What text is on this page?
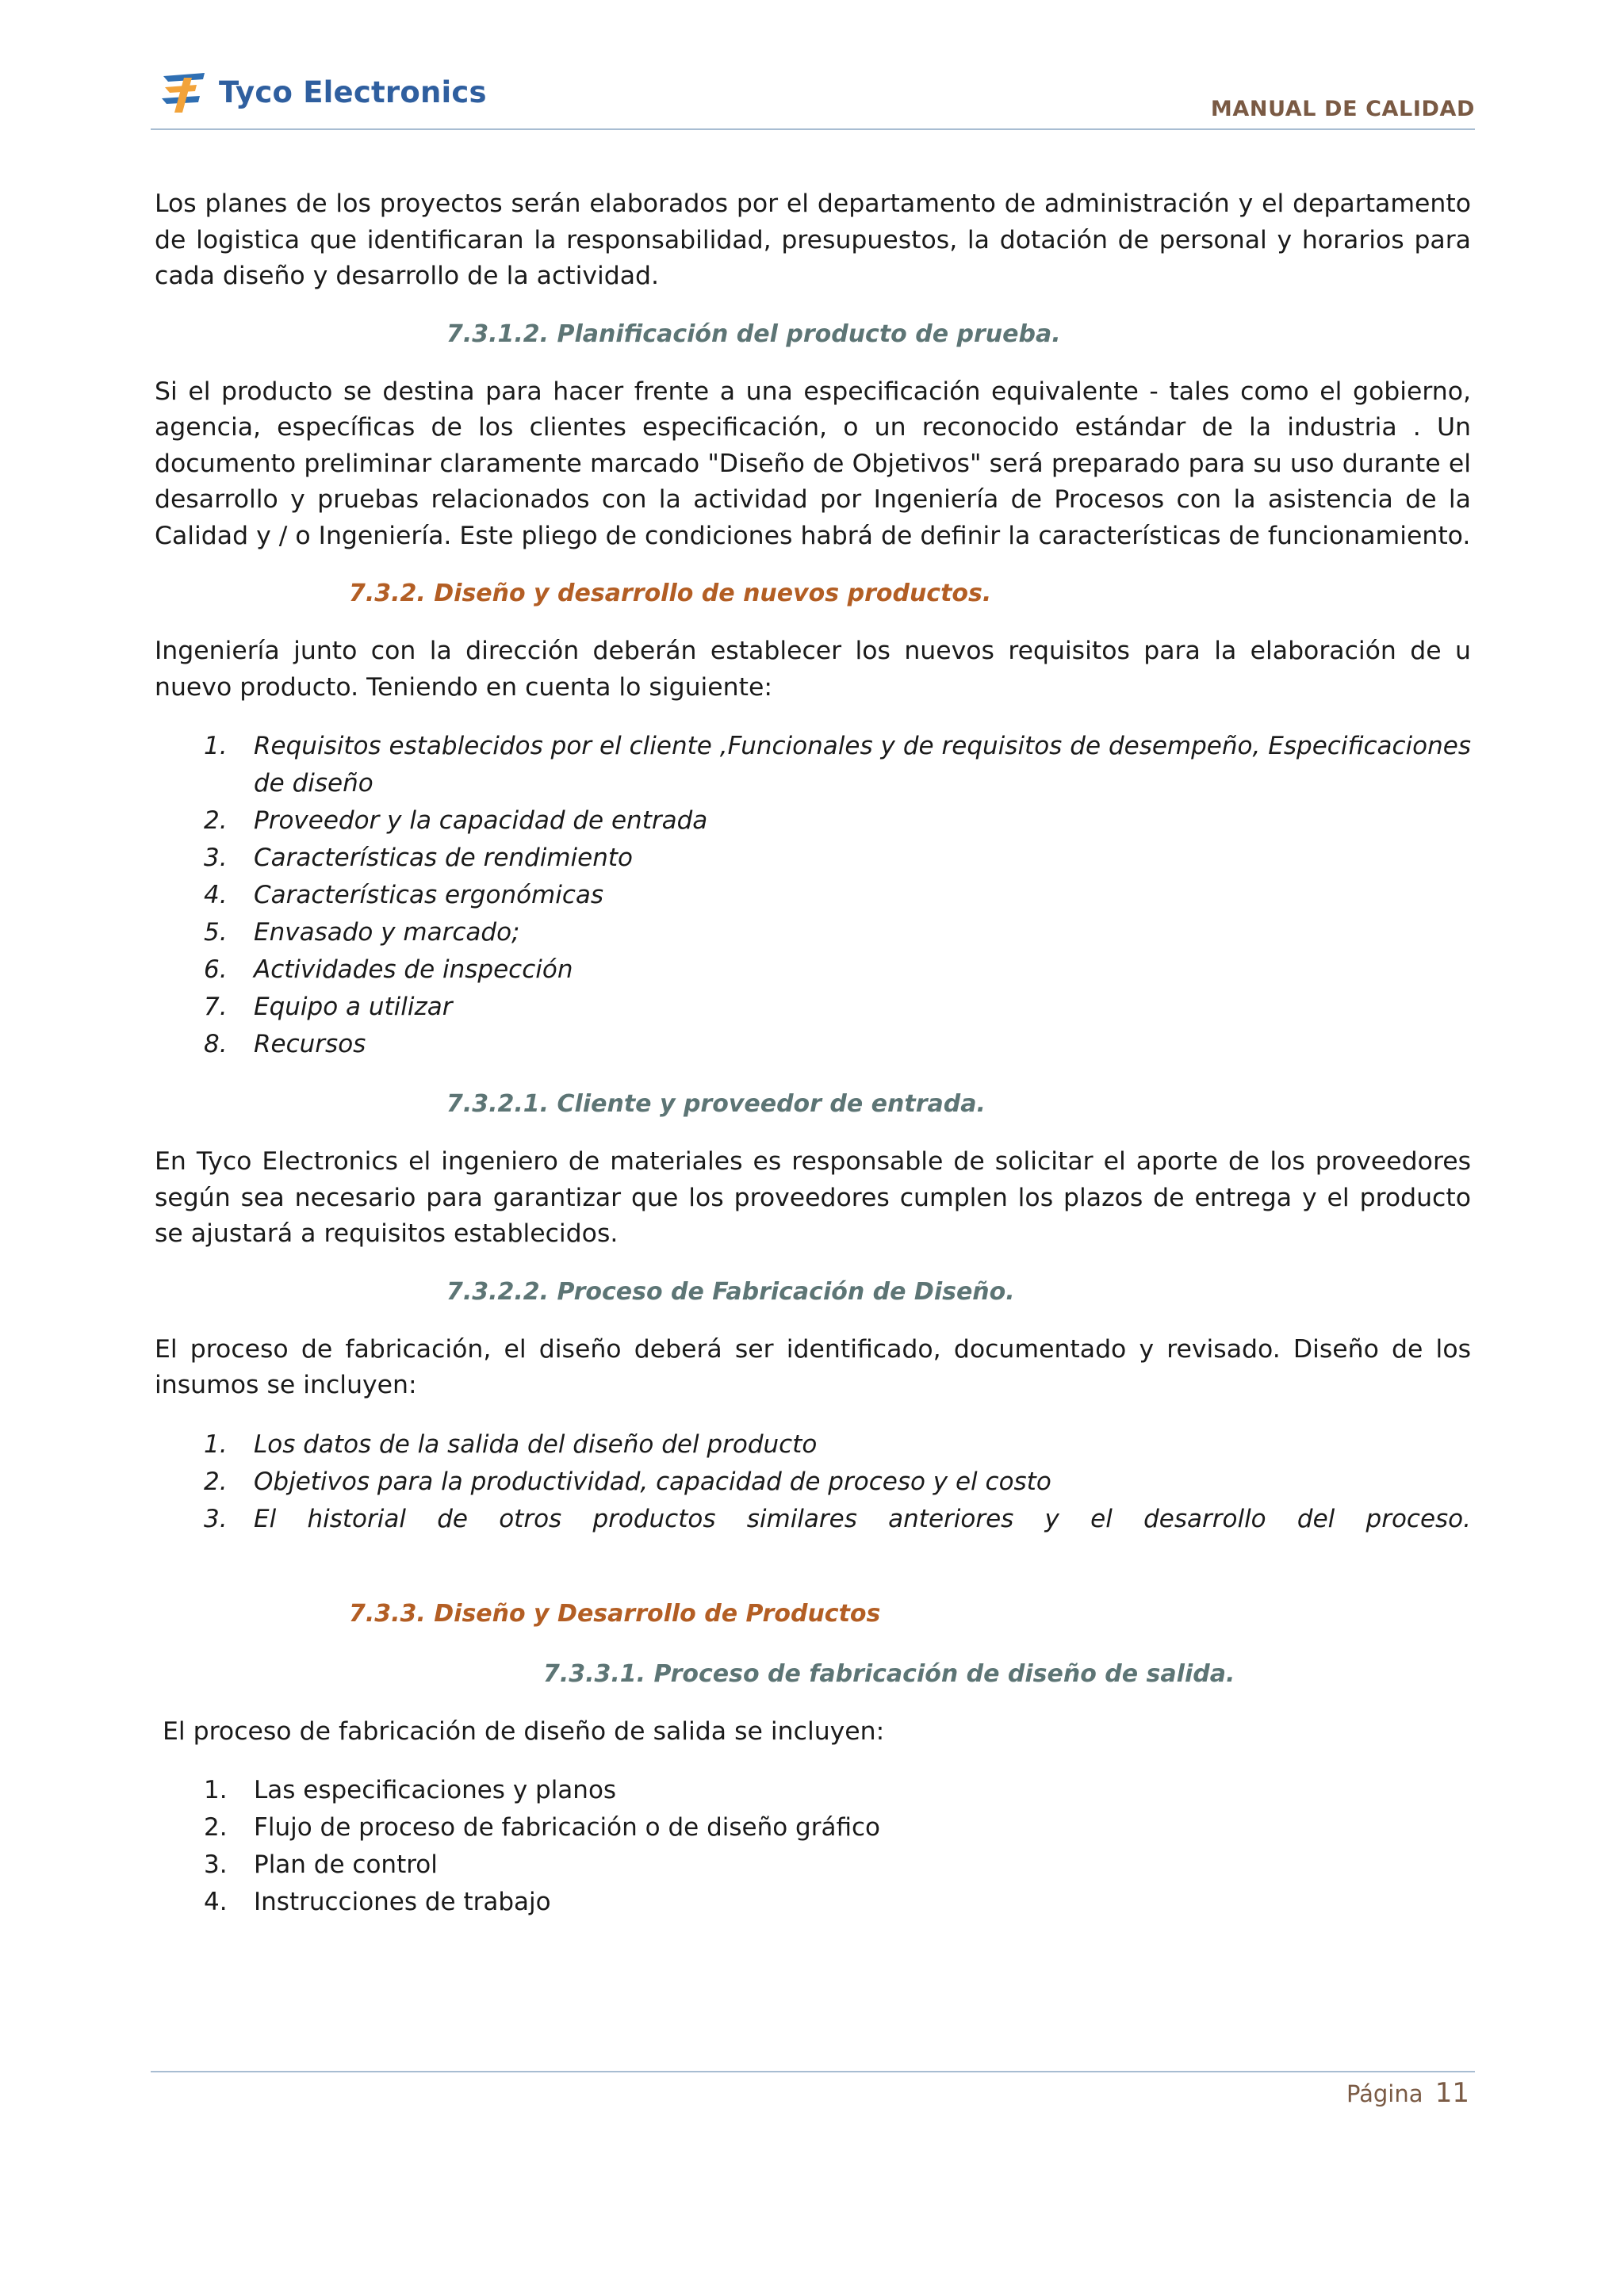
Tyco Electronics	MANUAL DE CALIDAD

Los planes de los proyectos serán elaborados por el departamento de administración y el departamento de logistica que identificaran la responsabilidad, presupuestos, la dotación de personal y horarios para cada diseño y desarrollo de la actividad.

7.3.1.2. Planificación del producto de prueba.

Si el producto se destina para hacer frente a una especificación equivalente - tales como el gobierno, agencia, específicas de los clientes especificación, o un reconocido estándar de la industria . Un documento preliminar claramente marcado "Diseño de Objetivos" será preparado para su uso durante el desarrollo y pruebas relacionados con la actividad por Ingeniería de Procesos con la asistencia de la Calidad y / o Ingeniería. Este pliego de condiciones habrá de definir la características de funcionamiento.

7.3.2. Diseño y desarrollo de nuevos productos.

Ingeniería junto con la dirección deberán establecer los nuevos requisitos para la elaboración de u nuevo producto. Teniendo en cuenta lo siguiente:

1.	Requisitos establecidos por el cliente ,Funcionales y de requisitos de desempeño, Especificaciones de diseño
2.	Proveedor y la capacidad de entrada
3.	Características de rendimiento
4.	Características ergonómicas
5.	Envasado y marcado;
6.	Actividades de inspección
7.	Equipo a utilizar
8.	Recursos
7.3.2.1. Cliente y proveedor de entrada.

En Tyco Electronics el ingeniero de materiales es responsable de solicitar el aporte de los proveedores según sea necesario para garantizar que los proveedores cumplen los plazos de entrega y el producto se ajustará a requisitos establecidos.

7.3.2.2. Proceso de Fabricación de Diseño.

El proceso de fabricación, el diseño deberá ser identificado, documentado y revisado. Diseño de los insumos se incluyen:

1.	Los datos de la salida del diseño del producto
2.	Objetivos para la productividad, capacidad de proceso y el costo
3.	El historial de otros productos similares anteriores y el desarrollo del proceso.
7.3.3. Diseño y Desarrollo de Productos
7.3.3.1. Proceso de fabricación de diseño de salida.

El proceso de fabricación de diseño de salida se incluyen:

1.	Las especificaciones y planos
2.	Flujo de proceso de fabricación o de diseño gráfico
3.	Plan de control
4.	Instrucciones de trabajo
Página 11
